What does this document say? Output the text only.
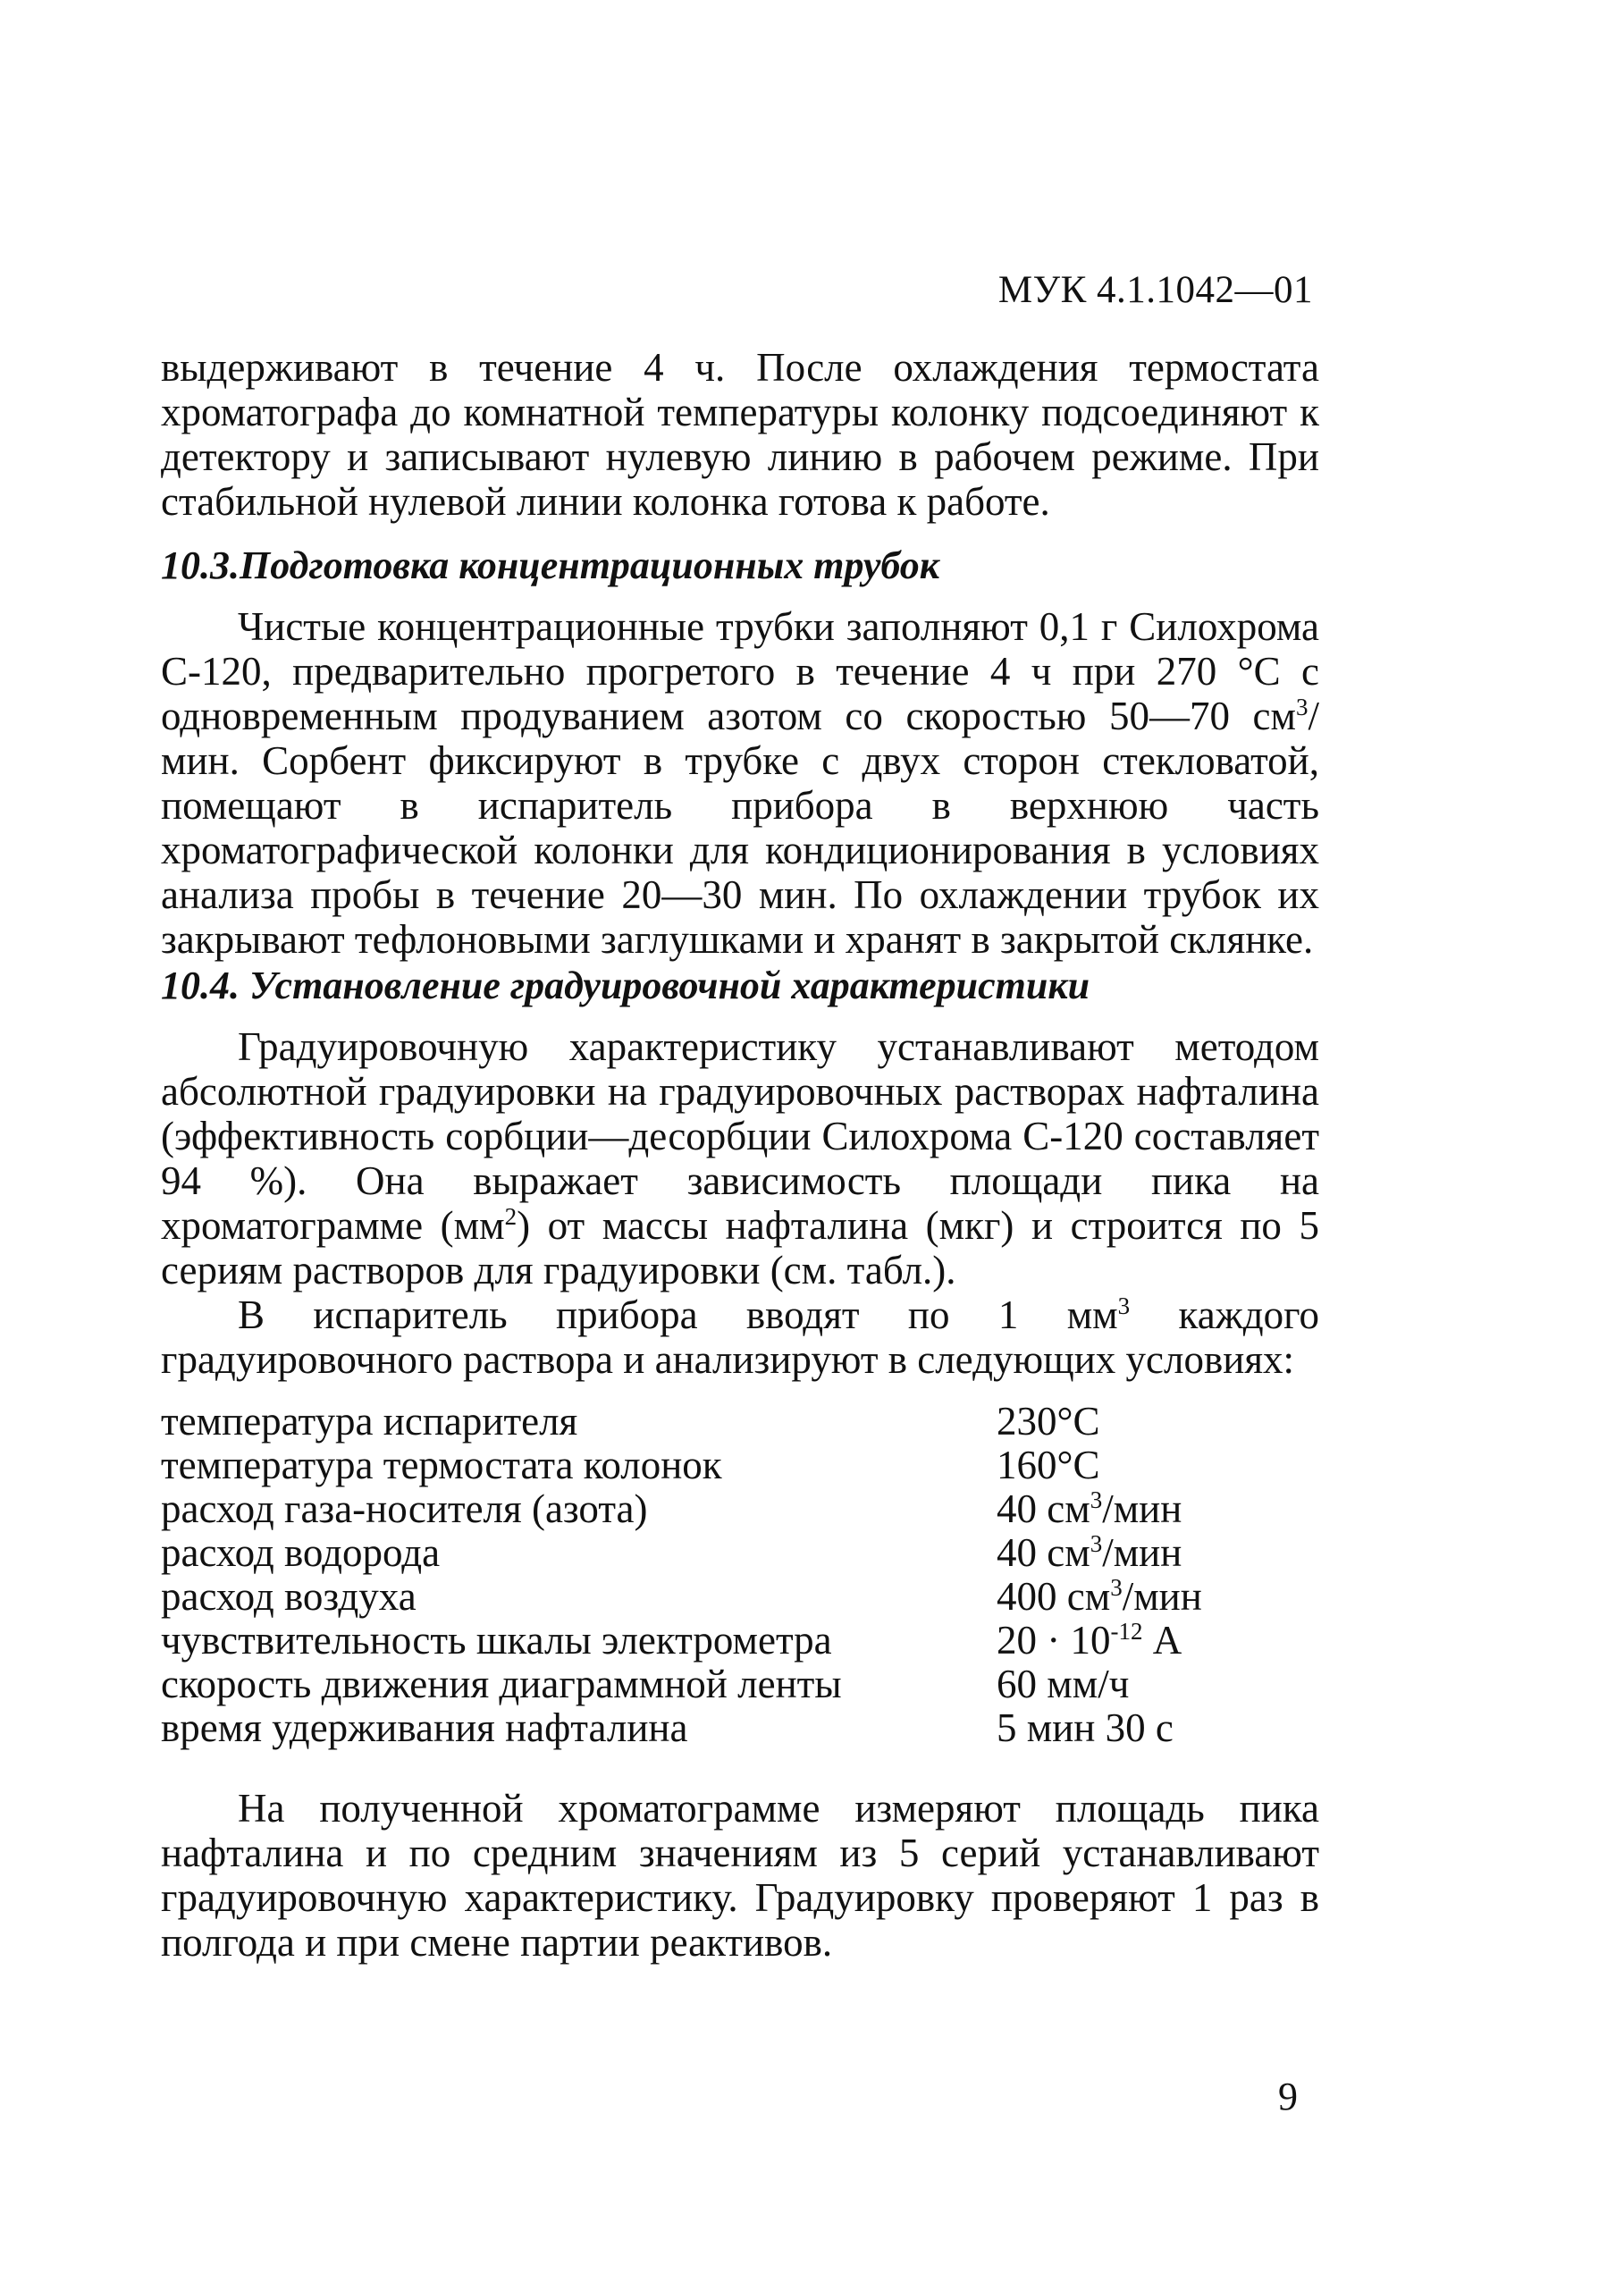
МУК 4.1.1042—01

выдерживают в течение 4 ч. После охлаждения термостата хроматографа до комнатной температуры колонку подсоединяют к детектору и записывают нулевую линию в рабочем режиме. При стабильной нулевой линии колонка готова к работе.

10.3.Подготовка концентрационных трубок

Чистые концентрационные трубки заполняют 0,1 г Силохрома С-120, предварительно прогретого в течение 4 ч при 270 °С с одновременным продуванием азотом со скоростью 50—70 $см^3$/мин. Сорбент фиксируют в трубке с двух сторон стекловатой, помещают в испаритель прибора в верхнюю часть хроматографической колонки для кондиционирования в условиях анализа пробы в течение 20—30 мин. По охлаждении трубок их закрывают тефлоновыми заглушками и хранят в закрытой склянке.

10.4. Установление градуировочной характеристики

Градуировочную характеристику устанавливают методом абсолютной градуировки на градуировочных растворах нафталина (эффективность сорбции—десорбции Силохрома С-120 составляет 94 %). Она выражает зависимость площади пика на хроматограмме $(мм^2)$ от массы нафталина (мкг) и строится по 5 сериям растворов для градуировки (см. табл.).

В испаритель прибора вводят по 1 $мм^3$ каждого градуировочного раствора и анализируют в следующих условиях:

температура испарителя	230°С
температура термостата колонок	160°С
расход газа-носителя (азота)	40 $см^3$/мин
расход водорода	40 $см^3$/мин
расход воздуха	400 $см^3$/мин
чувствительность шкалы электрометра	$20 \cdot 10^{-12}$ А
скорость движения диаграммной ленты	60 мм/ч
время удерживания нафталина	5 мин 30 с

На полученной хроматограмме измеряют площадь пика нафталина и по средним значениям из 5 серий устанавливают градуировочную характеристику. Градуировку проверяют 1 раз в полгода и при смене партии реактивов.

9
